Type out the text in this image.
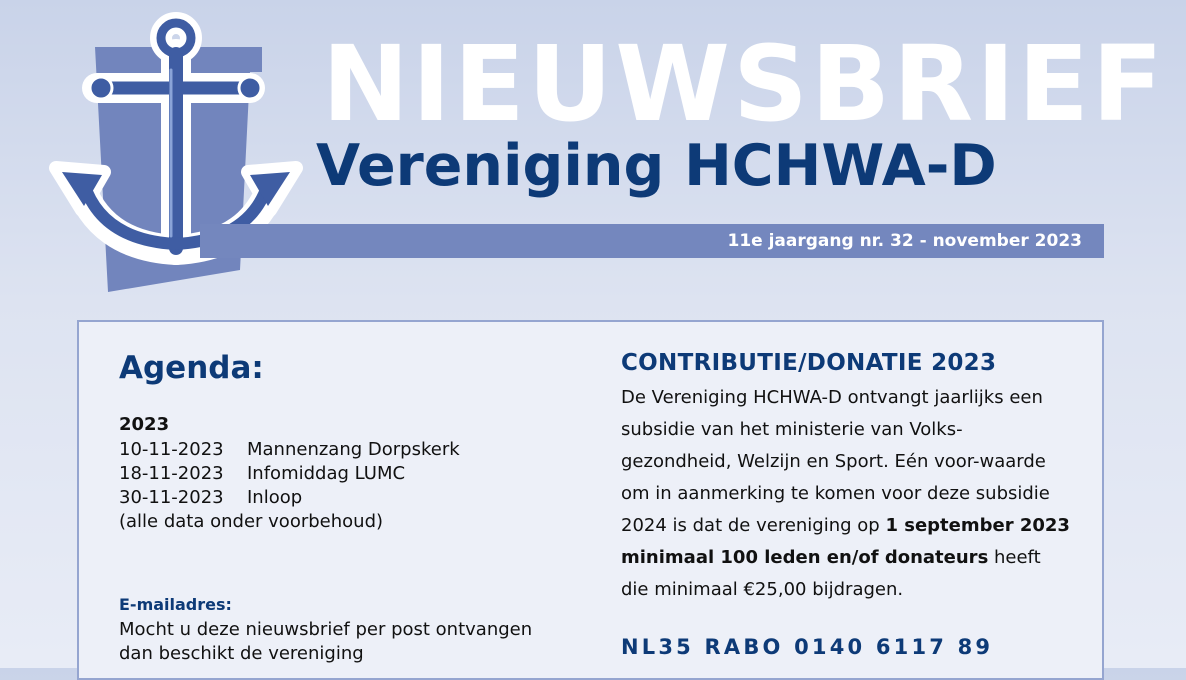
NIEUWSBRIEF
Vereniging HCHWA-D
11e jaargang nr. 32 - november 2023
Agenda:
2023
10-11-2023 Mannenzang Dorpskerk
18-11-2023 Infomiddag LUMC
30-11-2023 Inloop
(alle data onder voorbehoud)
E-mailadres:

Mocht u deze nieuwsbrief per post ontvangen dan beschikt de vereniging

CONTRIBUTIE/DONATIE 2023

De Vereniging HCHWA-D ontvangt jaarlijks een subsidie van het ministerie van Volks-gezondheid, Welzijn en Sport. Eén voor-waarde om in aanmerking te komen voor deze subsidie 2024 is dat de vereniging op 1 september 2023 minimaal 100 leden en/of donateurs heeft die minimaal €25,00 bijdragen.

NL35 RABO 0140 6117 89
